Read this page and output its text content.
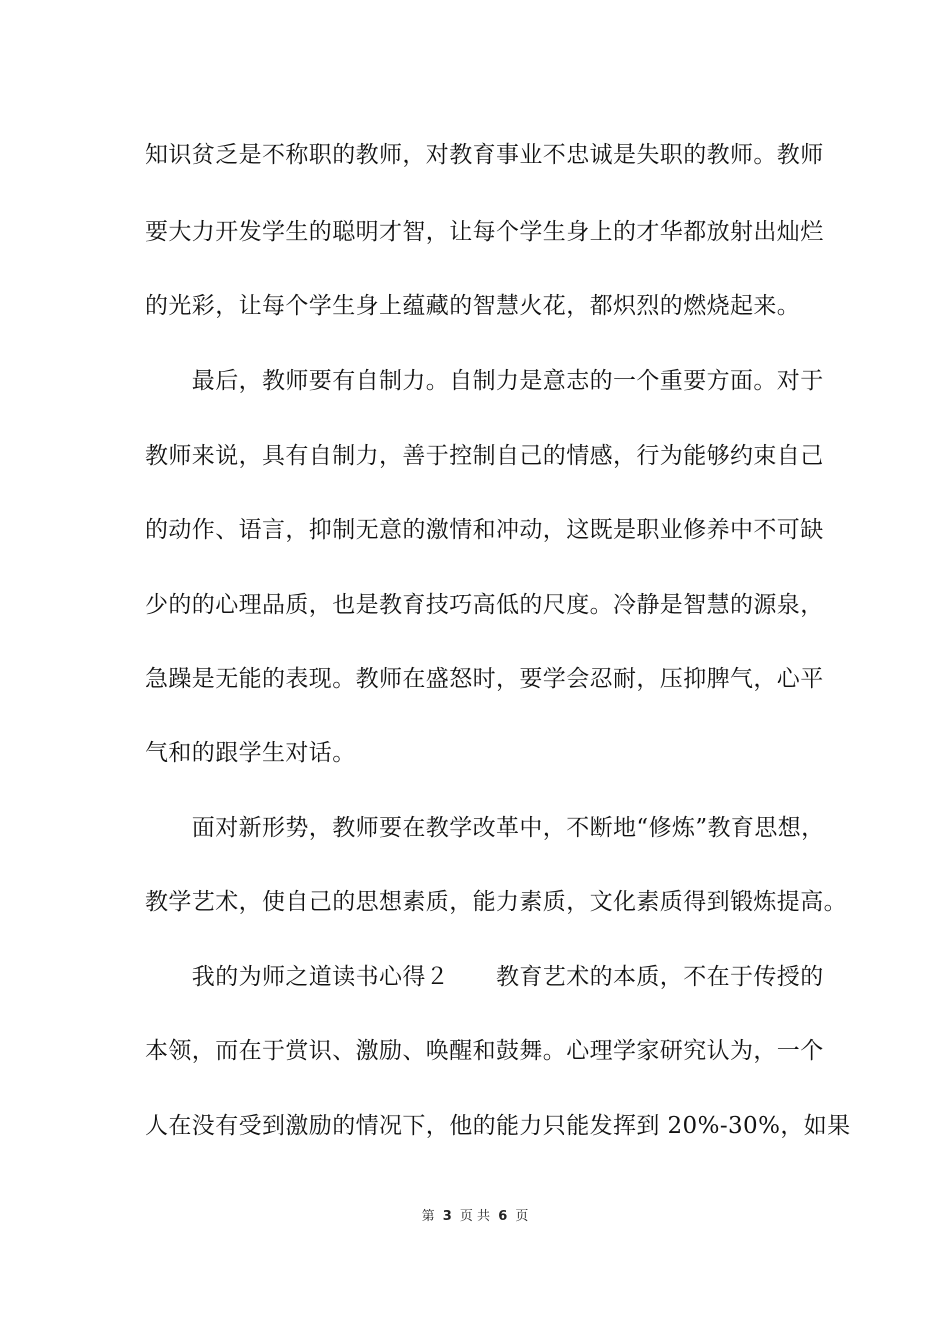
知识贫乏是不称职的教师，对教育事业不忠诚是失职的教师。教师
要大力开发学生的聪明才智，让每个学生身上的才华都放射出灿烂
的光彩，让每个学生身上蕴藏的智慧火花，都炽烈的燃烧起来。
　　最后，教师要有自制力。自制力是意志的一个重要方面。对于
教师来说，具有自制力，善于控制自己的情感，行为能够约束自己
的动作、语言，抑制无意的激情和冲动，这既是职业修养中不可缺
少的的心理品质，也是教育技巧高低的尺度。冷静是智慧的源泉，
急躁是无能的表现。教师在盛怒时，要学会忍耐，压抑脾气，心平
气和的跟学生对话。
　　面对新形势，教师要在教学改革中，不断地“修炼”教育思想，
教学艺术，使自己的思想素质，能力素质，文化素质得到锻炼提高。
　　我的为师之道读书心得２　　教育艺术的本质，不在于传授的
本领，而在于赏识、激励、唤醒和鼓舞。心理学家研究认为，一个
人在没有受到激励的情况下，他的能力只能发挥到 20%-30%，如果
第 3 页 共 6 页
